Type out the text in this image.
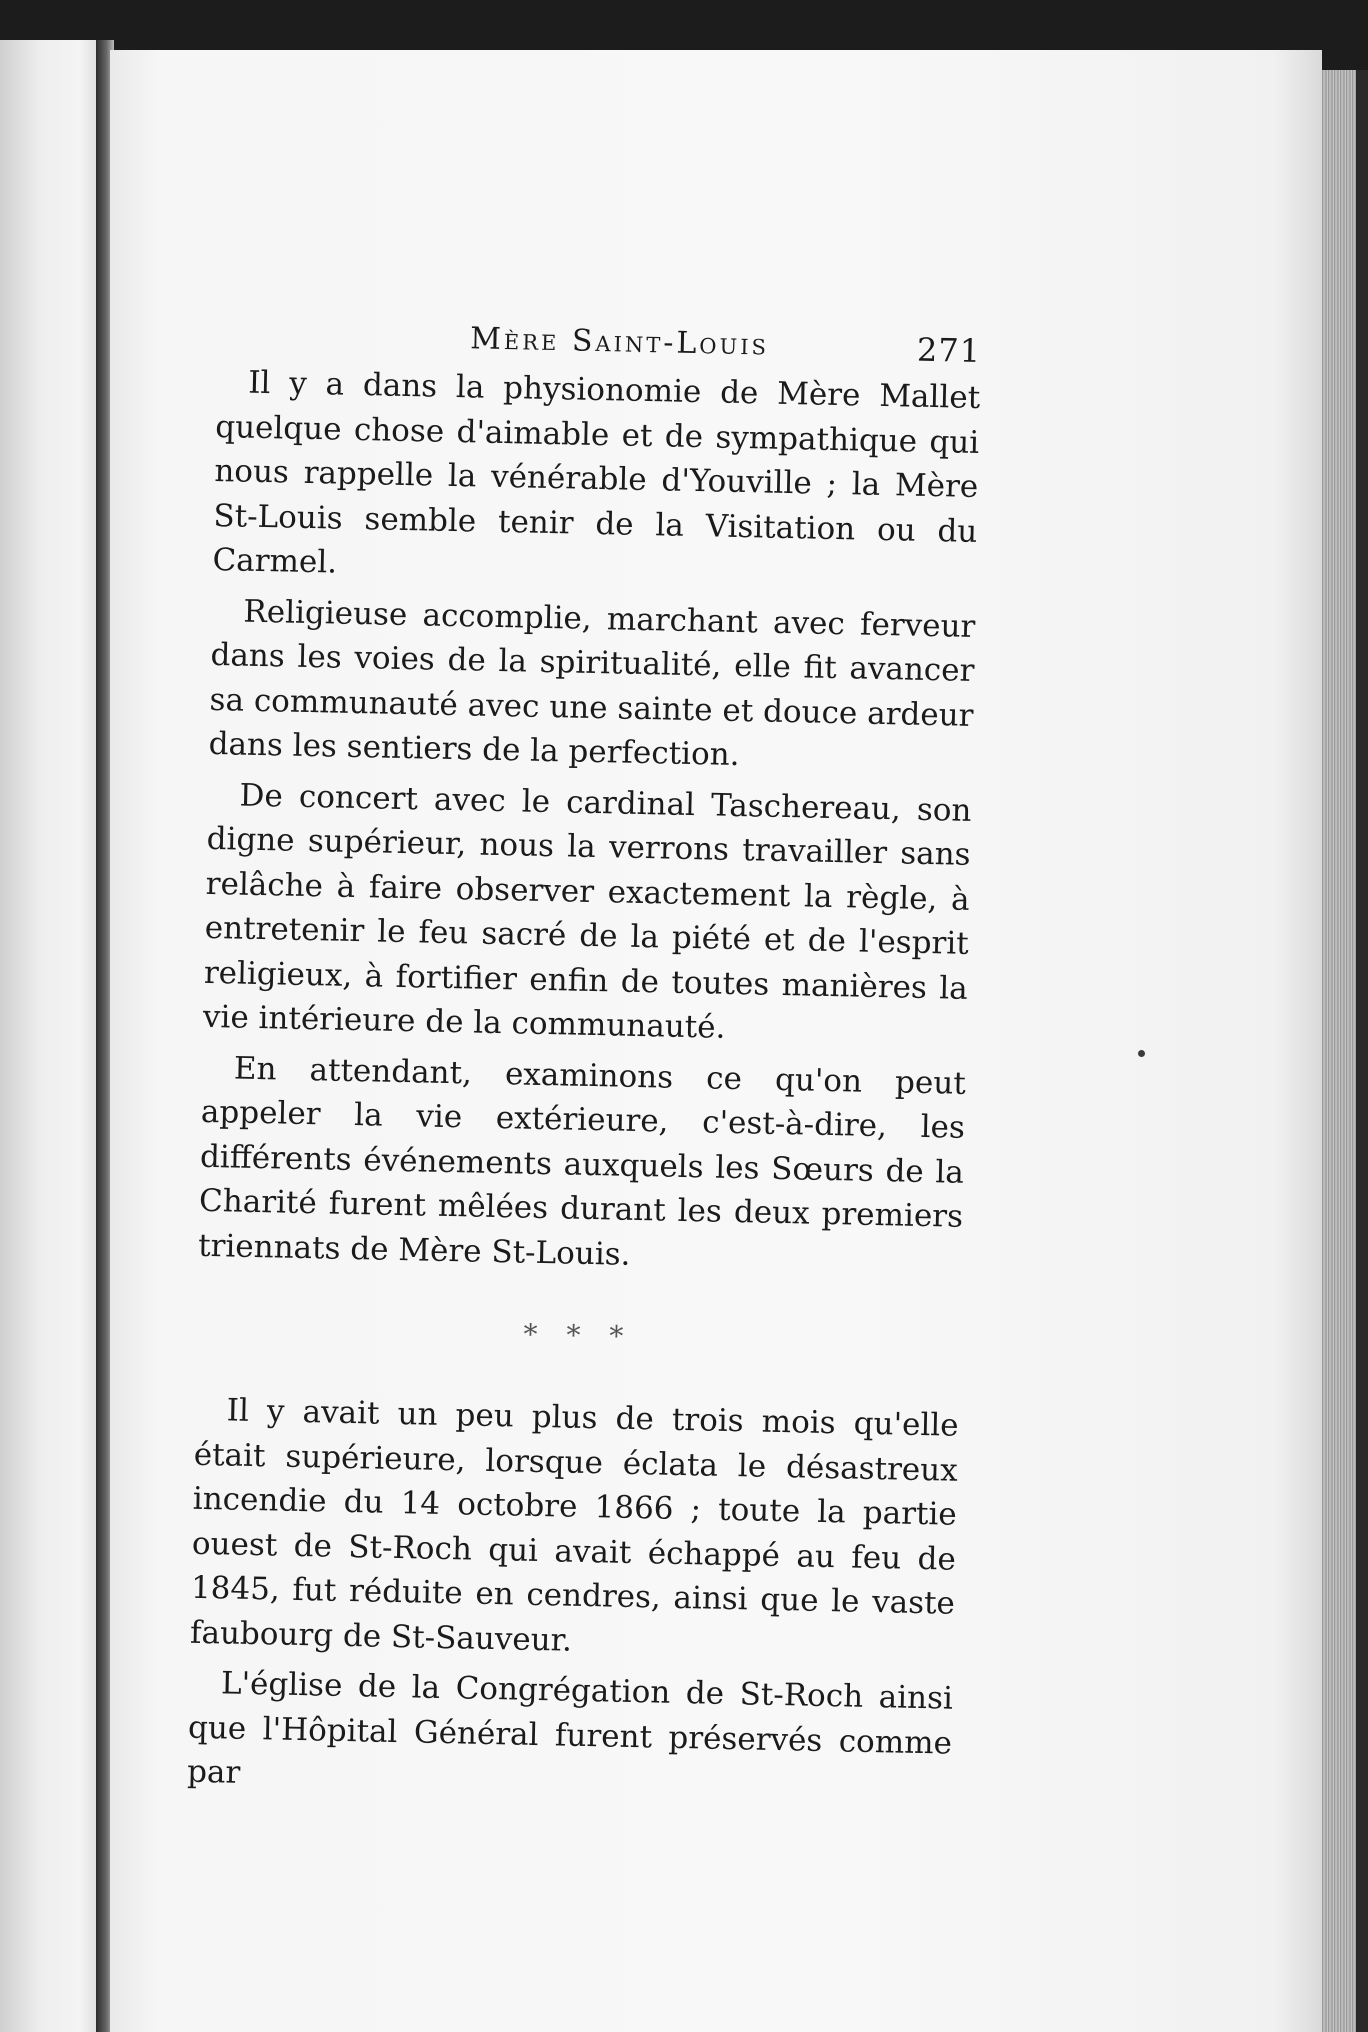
Mère Saint-Louis	271

Il y a dans la physionomie de Mère Mallet quelque chose d'aimable et de sympathique qui nous rappelle la vénérable d'Youville ; la Mère St-Louis semble tenir de la Visitation ou du Carmel.

Religieuse accomplie, marchant avec ferveur dans les voies de la spiritualité, elle fit avancer sa communauté avec une sainte et douce ardeur dans les sentiers de la perfection.

De concert avec le cardinal Taschereau, son digne supérieur, nous la verrons travailler sans relâche à faire observer exactement la règle, à entretenir le feu sacré de la piété et de l'esprit religieux, à fortifier enfin de toutes manières la vie intérieure de la communauté.

En attendant, examinons ce qu'on peut appeler la vie extérieure, c'est-à-dire, les différents événements auxquels les Sœurs de la Charité furent mêlées durant les deux premiers triennats de Mère St-Louis.

* * *

Il y avait un peu plus de trois mois qu'elle était supérieure, lorsque éclata le désastreux incendie du 14 octobre 1866 ; toute la partie ouest de St-Roch qui avait échappé au feu de 1845, fut réduite en cendres, ainsi que le vaste faubourg de St-Sauveur.

L'église de la Congrégation de St-Roch ainsi que l'Hôpital Général furent préservés comme par
